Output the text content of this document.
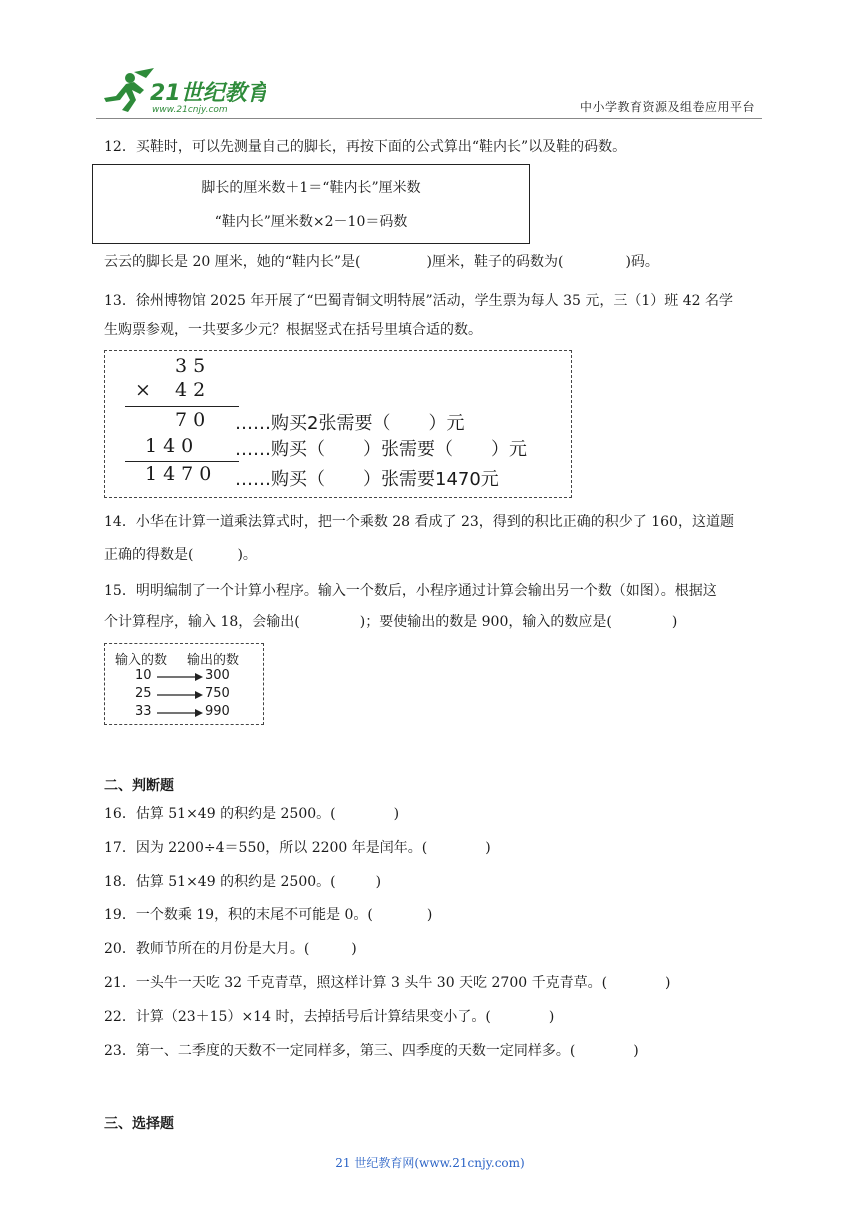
21世纪教育
www.21cnjy.com	中小学教育资源及组卷应用平台
12．买鞋时，可以先测量自己的脚长，再按下面的公式算出“鞋内长”以及鞋的码数。
脚长的厘米数＋1＝“鞋内长”厘米数
“鞋内长”厘米数×2－10＝码数
云云的脚长是 20 厘米，她的“鞋内长”是(	)厘米，鞋子的码数为(	)码。
13．徐州博物馆 2025 年开展了“巴蜀青铜文明特展”活动，学生票为每人 35 元，三（1）班 42 名学
生购票参观，一共要多少元？根据竖式在括号里填合适的数。
35
× 42
70 ……购买2张需要（ ）元
140 ……购买（ ）张需要（ ）元
1470 ……购买（ ）张需要1470元
14．小华在计算一道乘法算式时，把一个乘数 28 看成了 23，得到的积比正确的积少了 160，这道题
正确的得数是(	)。
15．明明编制了一个计算小程序。输入一个数后，小程序通过计算会输出另一个数（如图）。根据这
个计算程序，输入 18，会输出(	)；要使输出的数是 900，输入的数应是(	)
输入的数 输出的数
10	300
25	750
33	990
二、判断题
16．估算 51×49 的积约是 2500。(	)
17．因为 2200÷4＝550，所以 2200 年是闰年。(	)
18．估算 51×49 的积约是 2500。(	)
19．一个数乘 19，积的末尾不可能是 0。(	)
20．教师节所在的月份是大月。(	)
21．一头牛一天吃 32 千克青草，照这样计算 3 头牛 30 天吃 2700 千克青草。(	)
22．计算（23＋15）×14 时，去掉括号后计算结果变小了。(	)
23．第一、二季度的天数不一定同样多，第三、四季度的天数一定同样多。(	)
三、选择题
21 世纪教育网(www.21cnjy.com)
